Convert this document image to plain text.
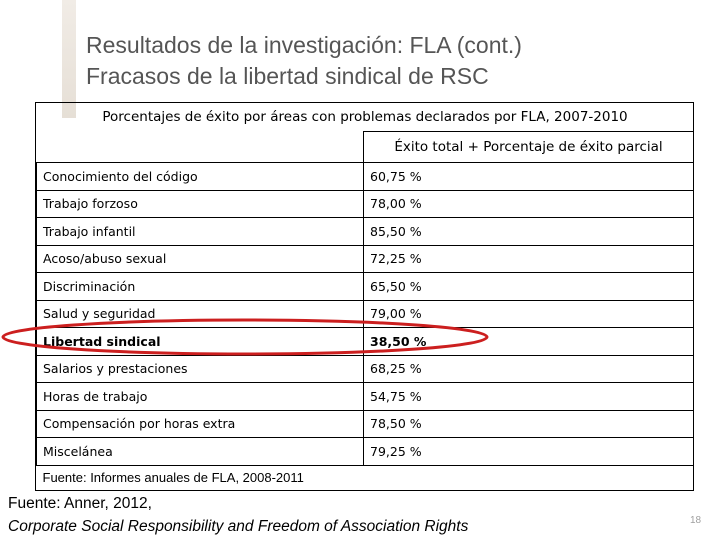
Resultados de la investigación: FLA (cont.)
Fracasos de la libertad sindical de RSC
Porcentajes de éxito por áreas con problemas declarados por FLA, 2007-2010	
	Éxito total + Porcentaje de éxito parcial
Conocimiento del código	60,75 %
Trabajo forzoso	78,00 %
Trabajo infantil	85,50 %
Acoso/abuso sexual	72,25 %
Discriminación	65,50 %
Salud y seguridad	79,00 %
Libertad sindical	38,50 %
Salarios y prestaciones	68,25 %
Horas de trabajo	54,75 %
Compensación por horas extra	78,50 %
Miscelánea	79,25 %
Fuente: Informes anuales de FLA, 2008-2011	
Fuente: Anner, 2012,
Corporate Social Responsibility and Freedom of Association Rights	18
